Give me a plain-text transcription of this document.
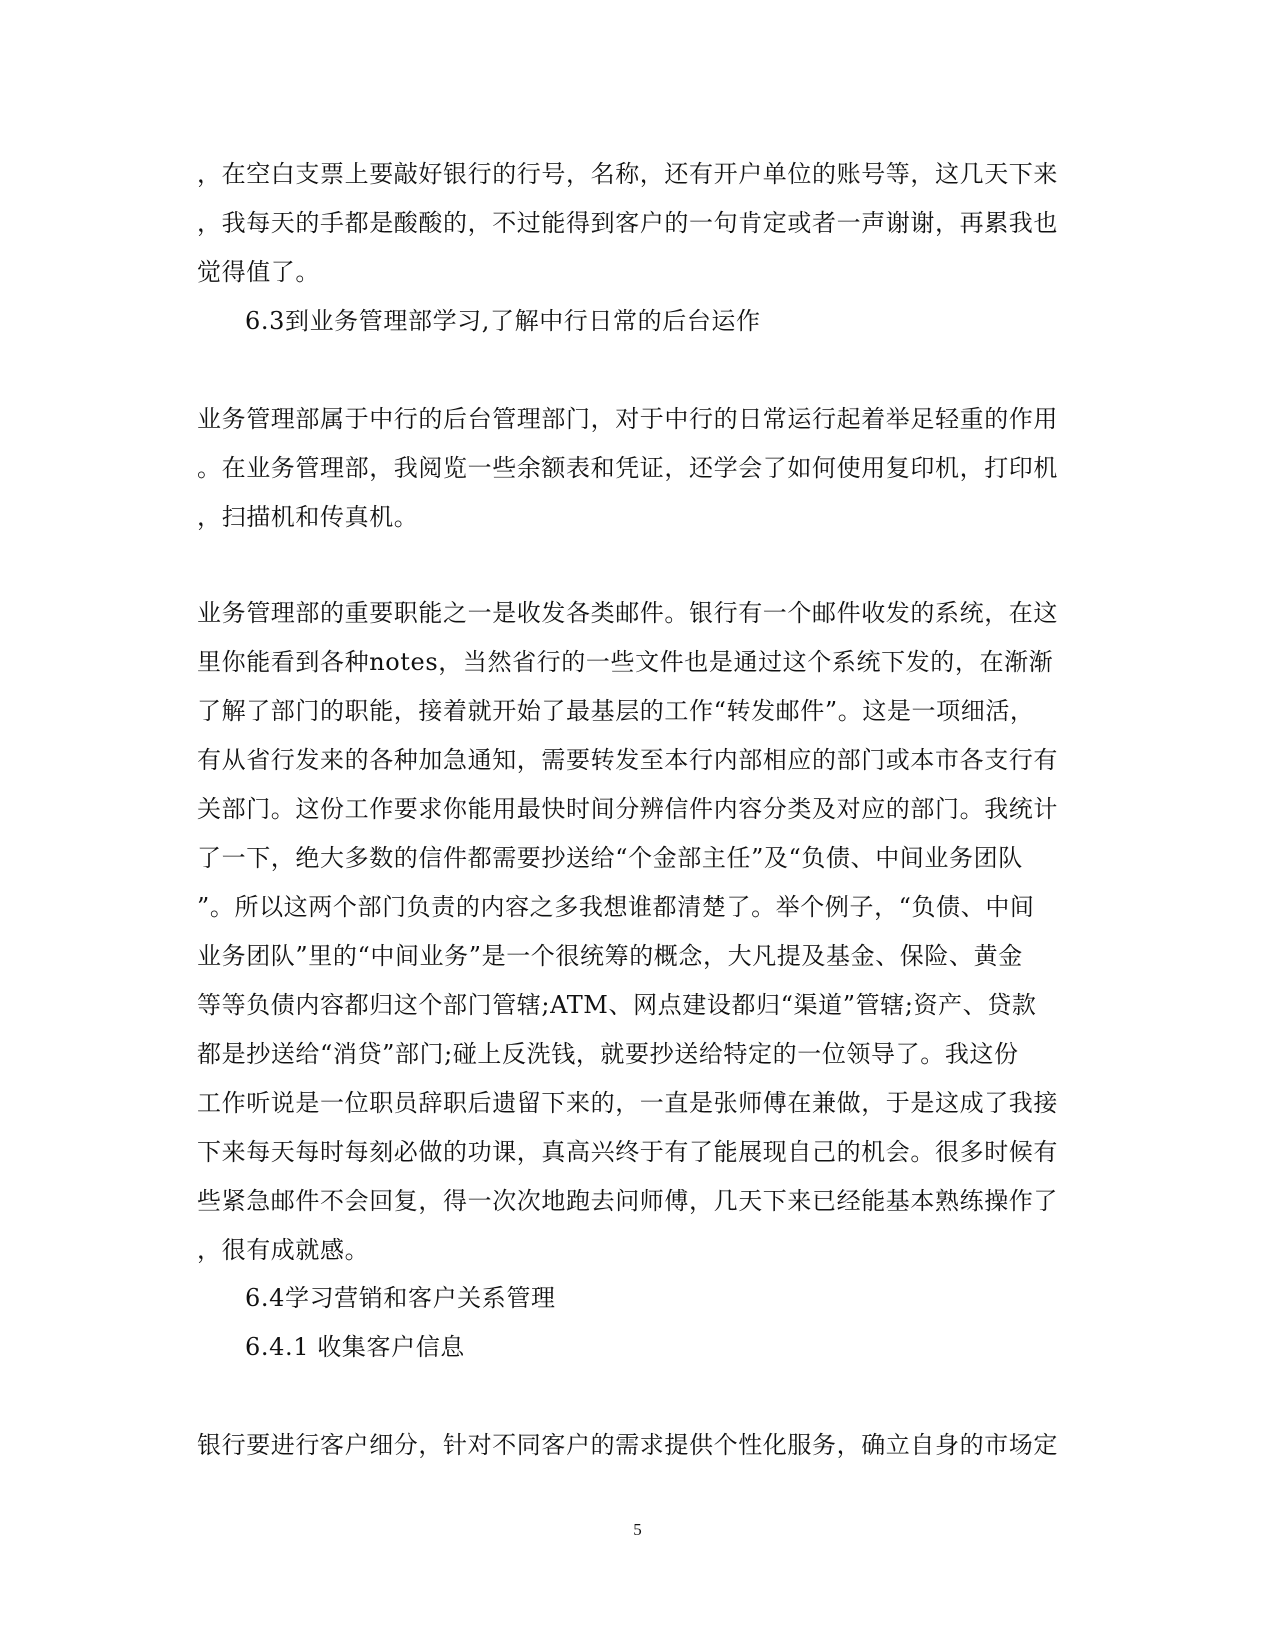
，在空白支票上要敲好银行的行号，名称，还有开户单位的账号等，这几天下来
，我每天的手都是酸酸的，不过能得到客户的一句肯定或者一声谢谢，再累我也
觉得值了。
6.3到业务管理部学习,了解中行日常的后台运作
业务管理部属于中行的后台管理部门，对于中行的日常运行起着举足轻重的作用
。在业务管理部，我阅览一些余额表和凭证，还学会了如何使用复印机，打印机
，扫描机和传真机。
业务管理部的重要职能之一是收发各类邮件。银行有一个邮件收发的系统，在这
里你能看到各种notes，当然省行的一些文件也是通过这个系统下发的，在渐渐
了解了部门的职能，接着就开始了最基层的工作“转发邮件”。这是一项细活，
有从省行发来的各种加急通知，需要转发至本行内部相应的部门或本市各支行有
关部门。这份工作要求你能用最快时间分辨信件内容分类及对应的部门。我统计
了一下，绝大多数的信件都需要抄送给“个金部主任”及“负债、中间业务团队
”。所以这两个部门负责的内容之多我想谁都清楚了。举个例子，“负债、中间
业务团队”里的“中间业务”是一个很统筹的概念，大凡提及基金、保险、黄金
等等负债内容都归这个部门管辖;ATM、网点建设都归“渠道”管辖;资产、贷款
都是抄送给“消贷”部门;碰上反洗钱，就要抄送给特定的一位领导了。我这份
工作听说是一位职员辞职后遗留下来的，一直是张师傅在兼做，于是这成了我接
下来每天每时每刻必做的功课，真高兴终于有了能展现自己的机会。很多时候有
些紧急邮件不会回复，得一次次地跑去问师傅，几天下来已经能基本熟练操作了
，很有成就感。
6.4学习营销和客户关系管理
6.4.1 收集客户信息
银行要进行客户细分，针对不同客户的需求提供个性化服务，确立自身的市场定
5
